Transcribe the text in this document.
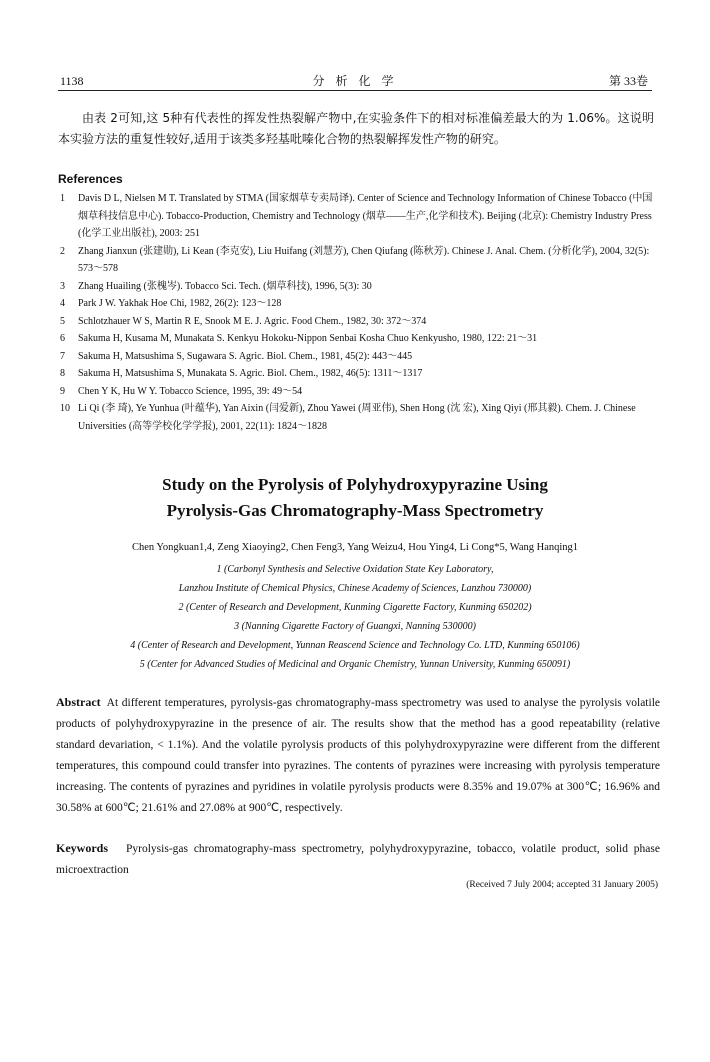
1138	分 析 化 学	第 33卷

由表 2可知,这 5种有代表性的挥发性热裂解产物中,在实验条件下的相对标准偏差最大的为 1.06%。这说明本实验方法的重复性较好,适用于该类多羟基吡嗪化合物的热裂解挥发性产物的研究。

References
1 Davis D L, Nielsen M T. Translated by STMA (国家烟草专卖局译). Center of Science and Technology Information of Chinese Tobacco (中国烟草科技信息中心). Tobacco-Production, Chemistry and Technology (烟草——生产,化学和技术). Beijing (北京): Chemistry Industry Press (化学工业出版社), 2003: 251
2 Zhang Jianxun (张建勋), Li Kean (李克安), Liu Huifang (刘慧芳), Chen Qiufang (陈秋芳). Chinese J. Anal. Chem. (分析化学), 2004, 32(5): 573～578
3 Zhang Huailing (张槐岑). Tobacco Sci. Tech. (烟草科技), 1996, 5(3): 30
4 Park J W. Yakhak Hoe Chi, 1982, 26(2): 123～128
5 Schlotzhauer W S, Martin R E, Snook M E. J. Agric. Food Chem., 1982, 30: 372～374
6 Sakuma H, Kusama M, Munakata S. Kenkyu Hokoku-Nippon Senbai Kosha Chuo Kenkyusho, 1980, 122: 21～31
7 Sakuma H, Matsushima S, Sugawara S. Agric. Biol. Chem., 1981, 45(2): 443～445
8 Sakuma H, Matsushima S, Munakata S. Agric. Biol. Chem., 1982, 46(5): 1311～1317
9 Chen Y K, Hu W Y. Tobacco Science, 1995, 39: 49～54
10 Li Qi (李 琦), Ye Yunhua (叶蕴华), Yan Aixin (闫爱新), Zhou Yawei (周亚伟), Shen Hong (沈 宏), Xing Qiyi (邢其毅). Chem. J. Chinese Universities (高等学校化学学报), 2001, 22(11): 1824～1828
Study on the Pyrolysis of Polyhydroxypyrazine Using
Pyrolysis-Gas Chromatography-Mass Spectrometry
Chen Yongkuan1,4, Zeng Xiaoying2, Chen Feng3, Yang Weizu4, Hou Ying4, Li Cong*5, Wang Hanqing1
1 (Carbonyl Synthesis and Selective Oxidation State Key Laboratory,
Lanzhou Institute of Chemical Physics, Chinese Academy of Sciences, Lanzhou 730000)
2 (Center of Research and Development, Kunming Cigarette Factory, Kunming 650202)
3 (Nanning Cigarette Factory of Guangxi, Nanning 530000)
4 (Center of Research and Development, Yunnan Reascend Science and Technology Co. LTD, Kunming 650106)
5 (Center for Advanced Studies of Medicinal and Organic Chemistry, Yunnan University, Kunming 650091)

Abstract At different temperatures, pyrolysis-gas chromatography-mass spectrometry was used to analyse the pyrolysis volatile products of polyhydroxypyrazine in the presence of air. The results show that the method has a good repeatability (relative standard devariation, < 1.1%). And the volatile pyrolysis products of this polyhydroxypyrazine were different from the different temperatures, this compound could transfer into pyrazines. The contents of pyrazines were increasing with pyrolysis temperature increasing. The contents of pyrazines and pyridines in volatile pyrolysis products were 8.35% and 19.07% at 300℃; 16.96% and 30.58% at 600℃; 21.61% and 27.08% at 900℃, respectively.

Keywords Pyrolysis-gas chromatography-mass spectrometry, polyhydroxypyrazine, tobacco, volatile product, solid phase microextraction

(Received 7 July 2004; accepted 31 January 2005)
